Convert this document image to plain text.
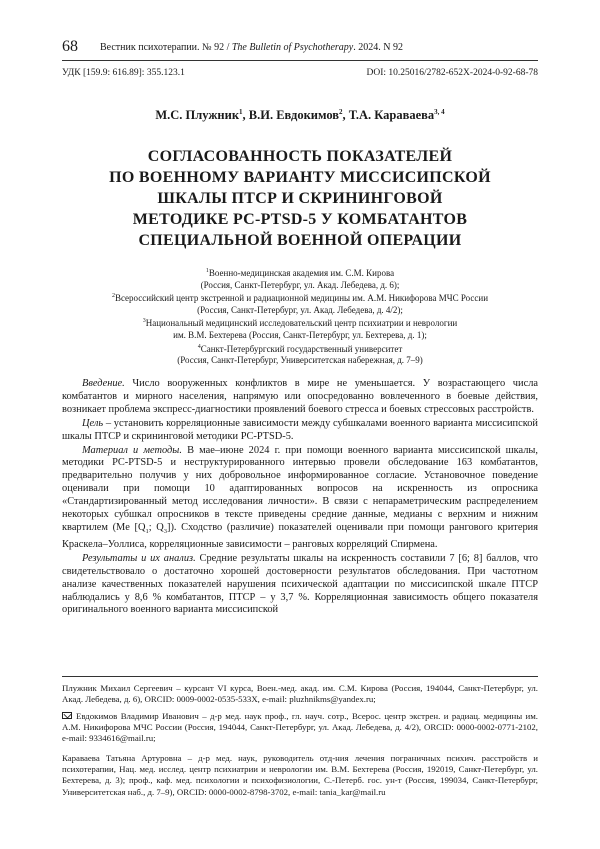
68 Вестник психотерапии. № 92 / The Bulletin of Psychotherapy. 2024. N 92
УДК [159.9: 616.89]: 355.123.1	DOI: 10.25016/2782-652X-2024-0-92-68-78
М.С. Плужник1, В.И. Евдокимов2, Т.А. Караваева3, 4
СОГЛАСОВАННОСТЬ ПОКАЗАТЕЛЕЙ
ПО ВОЕННОМУ ВАРИАНТУ МИССИСИПСКОЙ
ШКАЛЫ ПТСР И СКРИНИНГОВОЙ
МЕТОДИКЕ PC-PTSD-5 У КОМБАТАНТОВ
СПЕЦИАЛЬНОЙ ВОЕННОЙ ОПЕРАЦИИ
1Военно-медицинская академия им. С.М. Кирова
(Россия, Санкт-Петербург, ул. Акад. Лебедева, д. 6);
2Всероссийский центр экстренной и радиационной медицины им. А.М. Никифорова МЧС России
(Россия, Санкт-Петербург, ул. Акад. Лебедева, д. 4/2);
3Национальный медицинский исследовательский центр психиатрии и неврологии
им. В.М. Бехтерева (Россия, Санкт-Петербург, ул. Бехтерева, д. 1);
4Санкт-Петербургский государственный университет
(Россия, Санкт-Петербург, Университетская набережная, д. 7–9)

Введение. Число вооруженных конфликтов в мире не уменьшается. У возрастающего числа комбатантов и мирного населения, напрямую или опосредованно вовлеченного в боевые действия, возникает проблема экспресс-диагностики проявлений боевого стресса и боевых стрессовых расстройств.

Цель – установить корреляционные зависимости между субшкалами военного варианта миссисипской шкалы ПТСР и скрининговой методики PC-PTSD-5.

Материал и методы. В мае–июне 2024 г. при помощи военного варианта миссисипской шкалы, методики PC-PTSD-5 и неструктурированного интервью провели обследование 163 комбатантов, предварительно получив у них добровольное информированное согласие. Установочное поведение оценивали при помощи 10 адаптированных вопросов на искренность из опросника «Стандартизированный метод исследования личности». В связи с непараметрическим распределением некоторых субшкал опросников в тексте приведены средние данные, медианы с верхним и нижним квартилем (Me [Q1; Q3]). Сходство (различие) показателей оценивали при помощи рангового критерия Краскела–Уоллиса, корреляционные зависимости – ранговых корреляций Спирмена.

Результаты и их анализ. Средние результаты шкалы на искренность составили 7 [6; 8] баллов, что свидетельствовало о достаточно хорошей достоверности результатов обследования. При частотном анализе качественных показателей нарушения психической адаптации по миссисипской шкале ПТСР наблюдались у 8,6 % комбатантов, ПТСР – у 3,7 %. Корреляционная зависимость общего показателя оригинального военного варианта миссисипской

Плужник Михаил Сергеевич – курсант VI курса, Воен.-мед. акад. им. С.М. Кирова (Россия, 194044, Санкт-Петербург, ул. Акад. Лебедева, д. 6), ORCID: 0009-0002-0535-533X, e-mail: pluzhnikms@yandex.ru;
Евдокимов Владимир Иванович – д-р мед. наук проф., гл. науч. сотр., Всерос. центр экстрен. и радиац. медицины им. А.М. Никифорова МЧС России (Россия, 194044, Санкт-Петербург, ул. Акад. Лебедева, д. 4/2), ORCID: 0000-0002-0771-2102, e-mail: 9334616@mail.ru;
Караваева Татьяна Артуровна – д-р мед. наук, руководитель отд-ния лечения пограничных психич. расстройств и психотерапии, Нац. мед. исслед. центр психиатрии и неврологии им. В.М. Бехтерева (Россия, 192019, Санкт-Петербург, ул. Бехтерева, д. 3); проф., каф. мед. психологии и психофизиологии, С.-Петерб. гос. ун-т (Россия, 199034, Санкт-Петербург, Университетская наб., д. 7–9), ORCID: 0000-0002-8798-3702, e-mail: tania_kar@mail.ru
